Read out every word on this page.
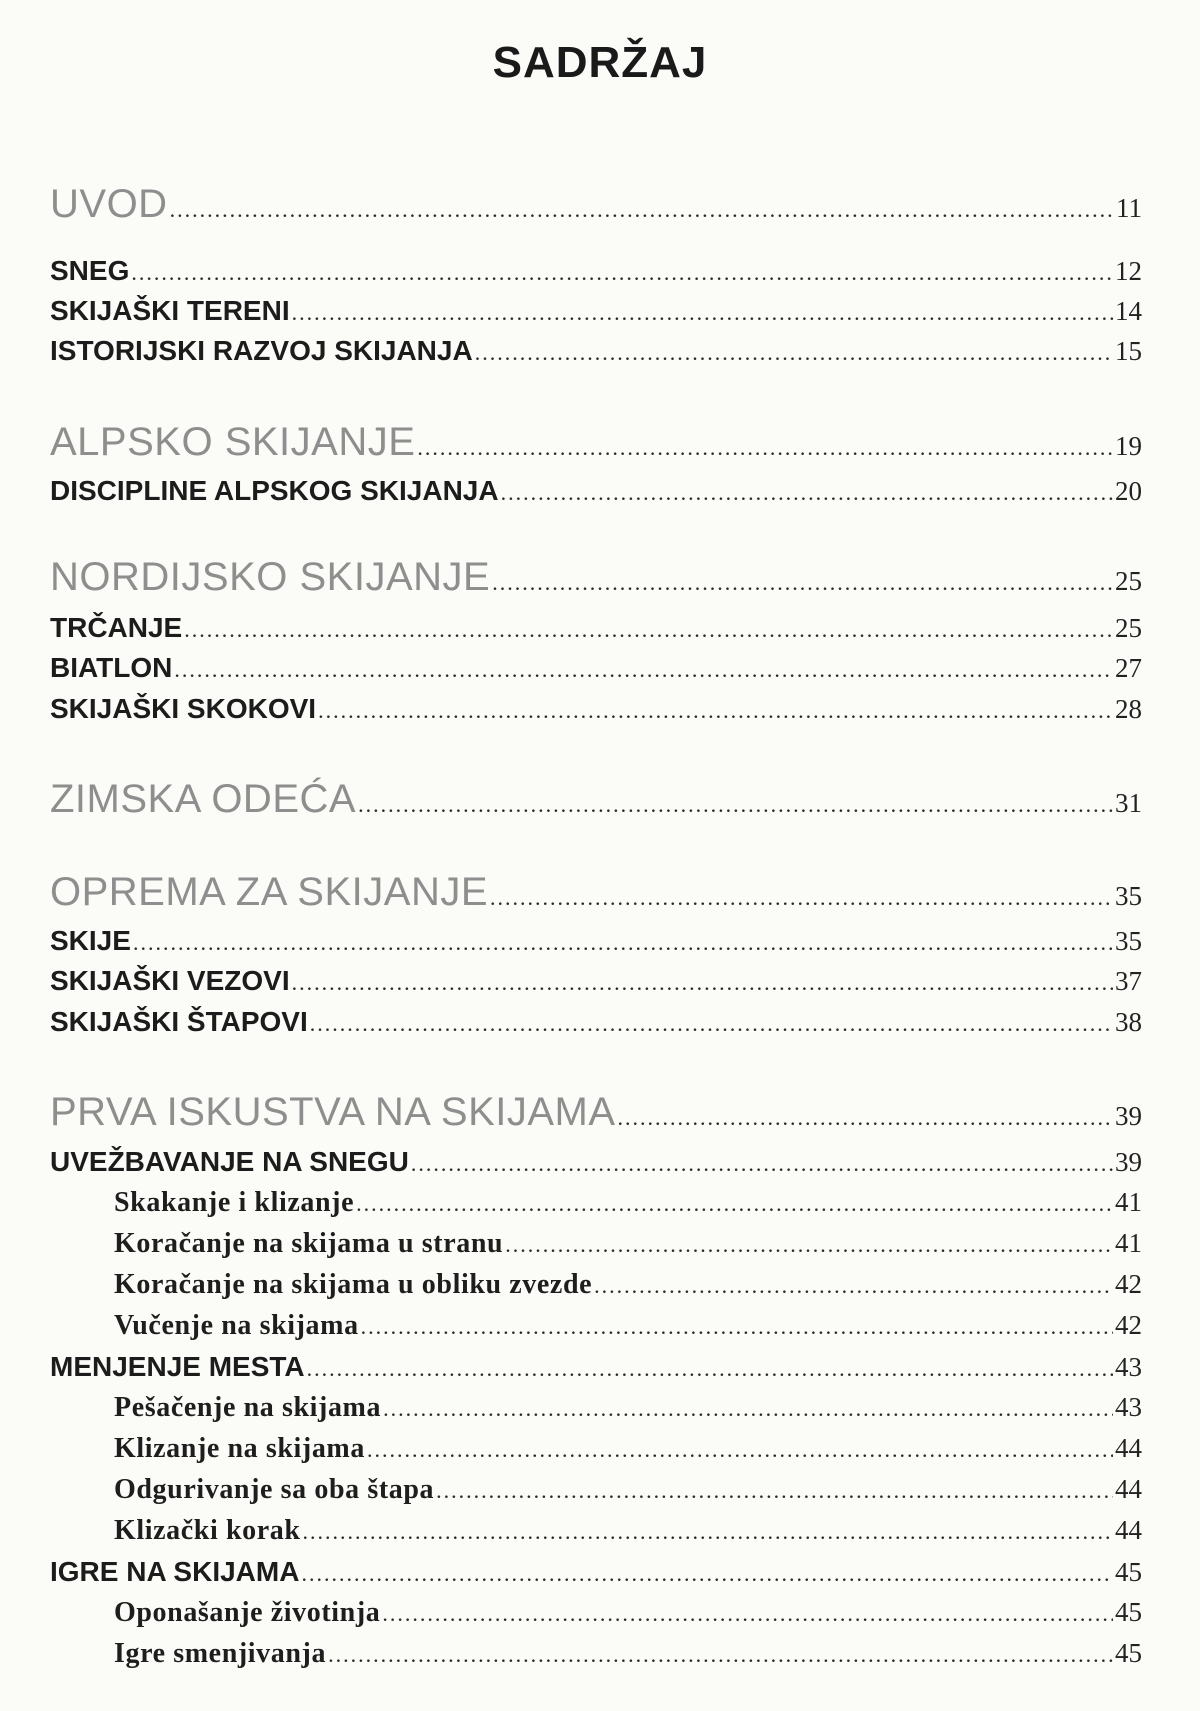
SADRŽAJ
UVOD .....	11
SNEG .....	12
SKIJAŠKI TERENI .....	14
ISTORIJSKI RAZVOJ SKIJANJA .....	15
ALPSKO SKIJANJE .....	19
DISCIPLINE ALPSKOG SKIJANJA .....	20
NORDIJSKO SKIJANJE .....	25
TRČANJE .....	25
BIATLON .....	27
SKIJAŠKI SKOKOVI .....	28
ZIMSKA ODEĆA .....	31
OPREMA ZA SKIJANJE .....	35
SKIJE .....	35
SKIJAŠKI VEZOVI .....	37
SKIJAŠKI ŠTAPOVI .....	38
PRVA ISKUSTVA NA SKIJAMA .....	39
UVEŽBAVANJE NA SNEGU .....	39
Skakanje i klizanje .....	41
Koračanje na skijama u stranu .....	41
Koračanje na skijama u obliku zvezde .....	42
Vučenje na skijama .....	42
MENJENJE MESTA .....	43
Pešačenje na skijama .....	43
Klizanje na skijama .....	44
Odgurivanje sa oba štapa .....	44
Klizački korak .....	44
IGRE NA SKIJAMA .....	45
Oponašanje životinja .....	45
Igre smenjivanja .....	45
